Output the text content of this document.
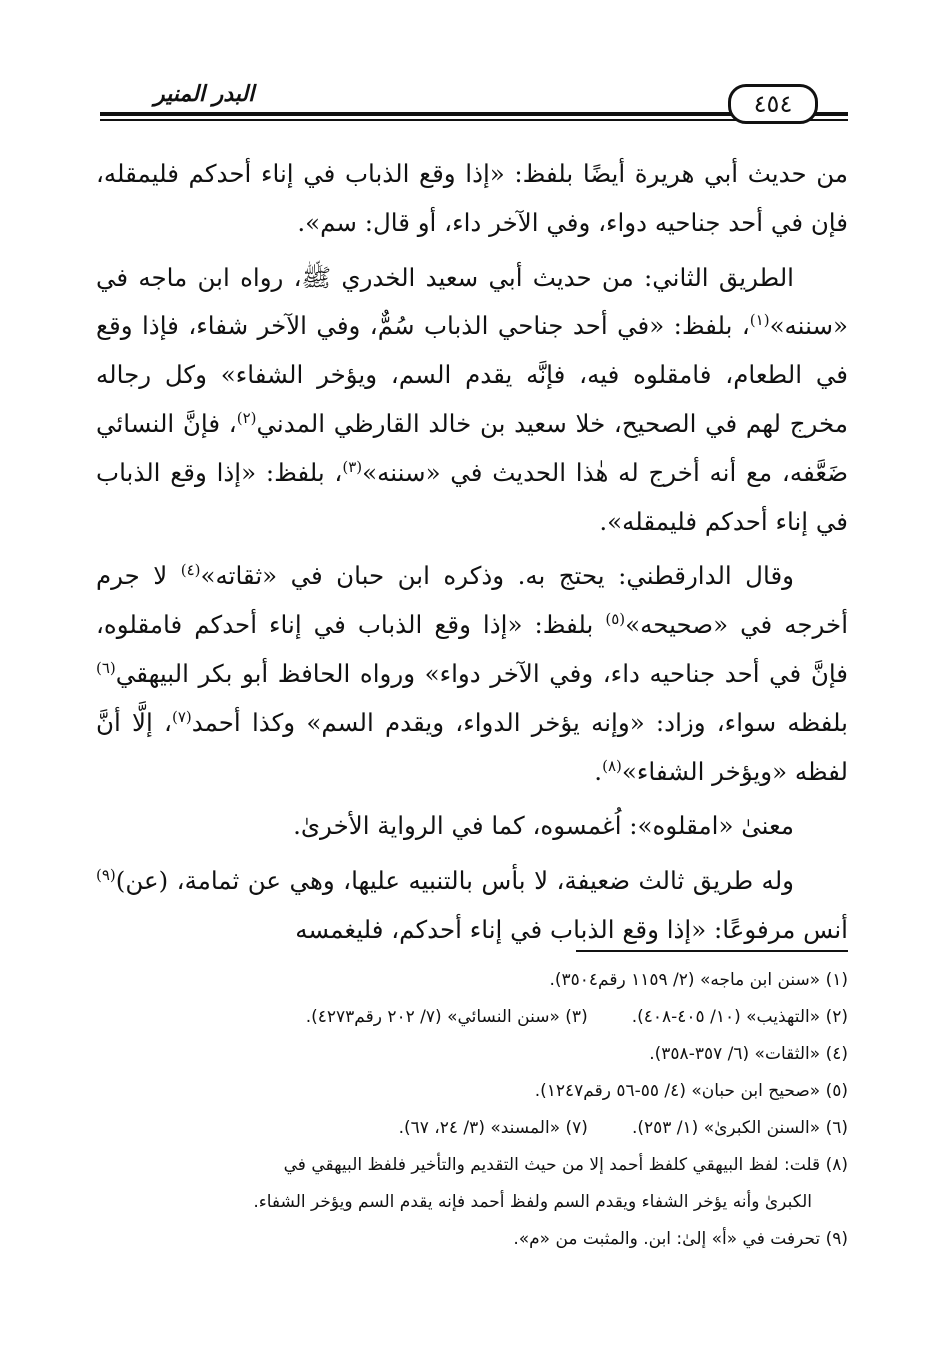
البدر المنير	٤٥٤

من حديث أبي هريرة أيضًا بلفظ: «إذا وقع الذباب في إناء أحدكم فليمقله، فإن في أحد جناحيه دواء، وفي الآخر داء، أو قال: سم».

الطريق الثاني: من حديث أبي سعيد الخدري ﷺ، رواه ابن ماجه في «سننه»$^{(١)}$، بلفظ: «في أحد جناحي الذباب سُمٌّ، وفي الآخر شفاء، فإذا وقع في الطعام، فامقلوه فيه، فإنَّه يقدم السم، ويؤخر الشفاء» وكل رجاله مخرج لهم في الصحيح، خلا سعيد بن خالد القارظي المدني$^{(٢)}$، فإنَّ النسائي ضَعَّفه، مع أنه أخرج له هٰذا الحديث في «سننه»$^{(٣)}$، بلفظ: «إذا وقع الذباب في إناء أحدكم فليمقله».

وقال الدارقطني: يحتج به. وذكره ابن حبان في «ثقاته»$^{(٤)}$ لا جرم أخرجه في «صحيحه»$^{(٥)}$ بلفظ: «إذا وقع الذباب في إناء أحدكم فامقلوه، فإنَّ في أحد جناحيه داء، وفي الآخر دواء» ورواه الحافظ أبو بكر البيهقي$^{(٦)}$ بلفظه سواء، وزاد: «وإنه يؤخر الدواء، ويقدم السم» وكذا أحمد$^{(٧)}$، إلَّا أنَّ لفظه «ويؤخر الشفاء»$^{(٨)}$.

معنىٰ «امقلوه»: اُغمسوه، كما في الرواية الأخرىٰ.

وله طريق ثالث ضعيفة، لا بأس بالتنبيه عليها، وهي عن ثمامة، (عن)$^{(٩)}$ أنس مرفوعًا: «إذا وقع الذباب في إناء أحدكم، فليغمسه

(١) «سنن ابن ماجه» (٢/ ١١٥٩ رقم٣٥٠٤).
(٢) «التهذيب» (١٠/ ٤٠٥-٤٠٨).
(٣) «سنن النسائي» (٧/ ٢٠٢ رقم٤٢٧٣).
(٤) «الثقات» (٦/ ٣٥٧-٣٥٨).
(٥) «صحيح ابن حبان» (٤/ ٥٥-٥٦ رقم١٢٤٧).
(٦) «السنن الكبرىٰ» (١/ ٢٥٣).
(٧) «المسند» (٣/ ٢٤، ٦٧).
(٨) قلت: لفظ البيهقي كلفظ أحمد إلا من حيث التقديم والتأخير فلفظ البيهقي في
الكبرىٰ وأنه يؤخر الشفاء ويقدم السم ولفظ أحمد فإنه يقدم السم ويؤخر الشفاء.
(٩) تحرفت في «أ» إلىٰ: ابن. والمثبت من «م».
